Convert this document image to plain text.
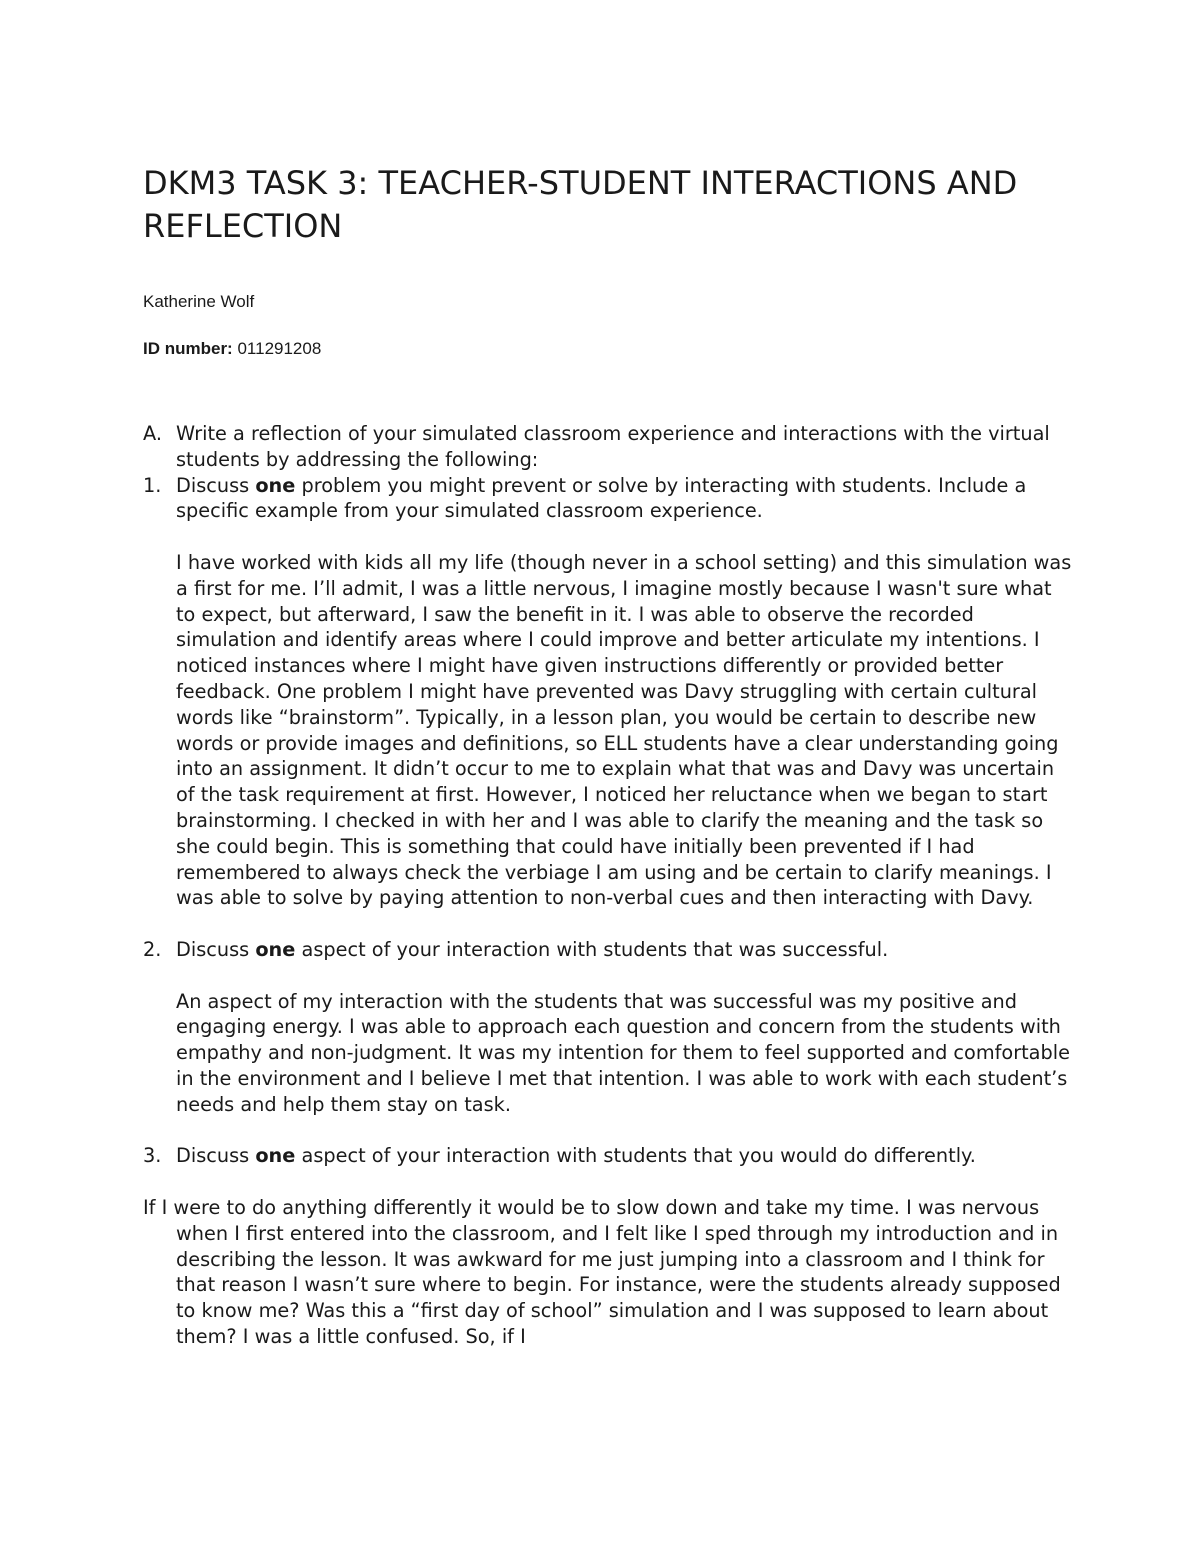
DKM3 TASK 3: TEACHER-STUDENT INTERACTIONS AND REFLECTION
Katherine Wolf
ID number: 011291208
A. Write a reflection of your simulated classroom experience and interactions with the virtual students by addressing the following:
1. Discuss one problem you might prevent or solve by interacting with students. Include a specific example from your simulated classroom experience.

I have worked with kids all my life (though never in a school setting) and this simulation was a first for me. I’ll admit, I was a little nervous, I imagine mostly because I wasn't sure what to expect, but afterward, I saw the benefit in it. I was able to observe the recorded simulation and identify areas where I could improve and better articulate my intentions. I noticed instances where I might have given instructions differently or provided better feedback. One problem I might have prevented was Davy struggling with certain cultural words like “brainstorm”. Typically, in a lesson plan, you would be certain to describe new words or provide images and definitions, so ELL students have a clear understanding going into an assignment. It didn’t occur to me to explain what that was and Davy was uncertain of the task requirement at first. However, I noticed her reluctance when we began to start brainstorming. I checked in with her and I was able to clarify the meaning and the task so she could begin. This is something that could have initially been prevented if I had remembered to always check the verbiage I am using and be certain to clarify meanings. I was able to solve by paying attention to non-verbal cues and then interacting with Davy.

2. Discuss one aspect of your interaction with students that was successful.

An aspect of my interaction with the students that was successful was my positive and engaging energy. I was able to approach each question and concern from the students with empathy and non-judgment. It was my intention for them to feel supported and comfortable in the environment and I believe I met that intention. I was able to work with each student’s needs and help them stay on task.

3. Discuss one aspect of your interaction with students that you would do differently.

If I were to do anything differently it would be to slow down and take my time. I was nervous when I first entered into the classroom, and I felt like I sped through my introduction and in describing the lesson. It was awkward for me just jumping into a classroom and I think for that reason I wasn’t sure where to begin. For instance, were the students already supposed to know me? Was this a “first day of school” simulation and I was supposed to learn about them? I was a little confused. So, if I
